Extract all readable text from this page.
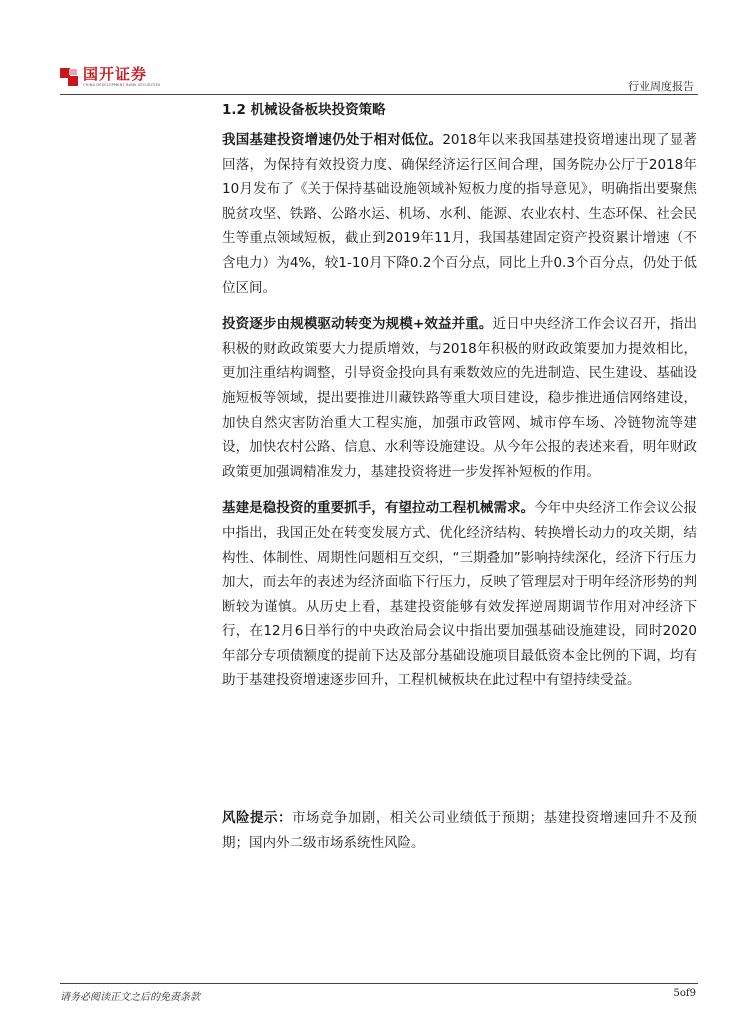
国开证券
CHINA DEVELOPMENT BANK SECURITIES	行业周度报告
1.2 机械设备板块投资策略

我国基建投资增速仍处于相对低位。2018年以来我国基建投资增速出现了显著回落，为保持有效投资力度、确保经济运行区间合理，国务院办公厅于2018年10月发布了《关于保持基础设施领域补短板力度的指导意见》，明确指出要聚焦脱贫攻坚、铁路、公路水运、机场、水利、能源、农业农村、生态环保、社会民生等重点领域短板，截止到2019年11月，我国基建固定资产投资累计增速（不含电力）为4%，较1-10月下降0.2个百分点，同比上升0.3个百分点，仍处于低位区间。

投资逐步由规模驱动转变为规模+效益并重。近日中央经济工作会议召开，指出积极的财政政策要大力提质增效，与2018年积极的财政政策要加力提效相比，更加注重结构调整，引导资金投向具有乘数效应的先进制造、民生建设、基础设施短板等领域，提出要推进川藏铁路等重大项目建设，稳步推进通信网络建设，加快自然灾害防治重大工程实施，加强市政管网、城市停车场、冷链物流等建设，加快农村公路、信息、水利等设施建设。从今年公报的表述来看，明年财政政策更加强调精准发力，基建投资将进一步发挥补短板的作用。

基建是稳投资的重要抓手，有望拉动工程机械需求。今年中央经济工作会议公报中指出，我国正处在转变发展方式、优化经济结构、转换增长动力的攻关期，结构性、体制性、周期性问题相互交织，“三期叠加”影响持续深化，经济下行压力加大，而去年的表述为经济面临下行压力，反映了管理层对于明年经济形势的判断较为谨慎。从历史上看，基建投资能够有效发挥逆周期调节作用对冲经济下行，在12月6日举行的中央政治局会议中指出要加强基础设施建设，同时2020年部分专项债额度的提前下达及部分基础设施项目最低资本金比例的下调，均有助于基建投资增速逐步回升，工程机械板块在此过程中有望持续受益。

风险提示：市场竞争加剧，相关公司业绩低于预期；基建投资增速回升不及预期；国内外二级市场系统性风险。
请务必阅读正文之后的免责条款	5of9
